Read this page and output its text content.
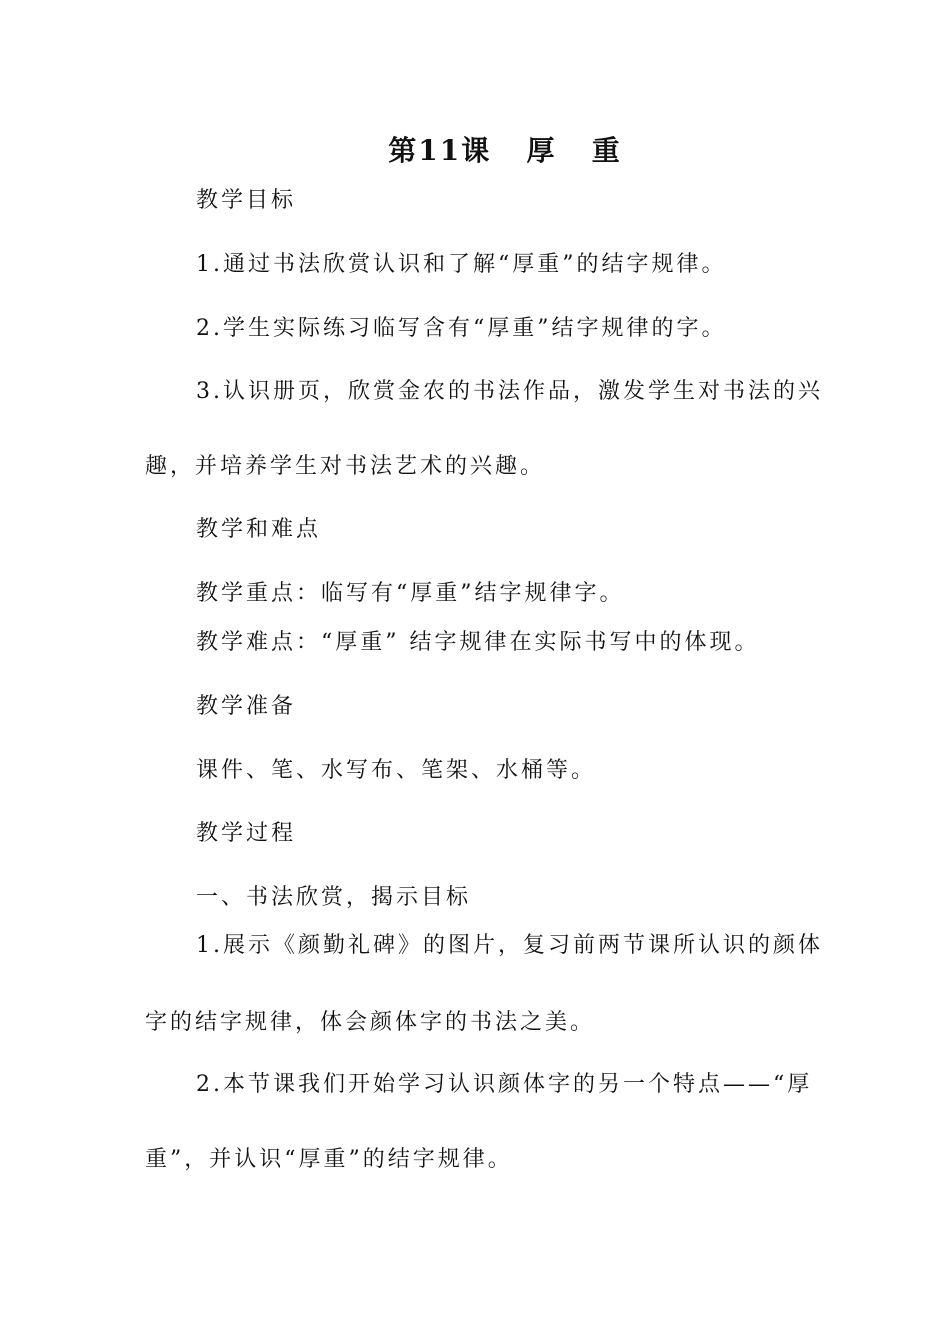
第11课   厚   重
教学目标
1.通过书法欣赏认识和了解“厚重”的结字规律。
2.学生实际练习临写含有“厚重”结字规律的字。
3.认识册页，欣赏金农的书法作品，激发学生对书法的兴
趣，并培养学生对书法艺术的兴趣。
教学和难点
教学重点：临写有“厚重”结字规律字。
教学难点：“厚重” 结字规律在实际书写中的体现。
教学准备
课件、笔、水写布、笔架、水桶等。
教学过程
一、书法欣赏，揭示目标
1.展示《颜勤礼碑》的图片，复习前两节课所认识的颜体
字的结字规律，体会颜体字的书法之美。
2.本节课我们开始学习认识颜体字的另一个特点——“厚
重”，并认识“厚重”的结字规律。
